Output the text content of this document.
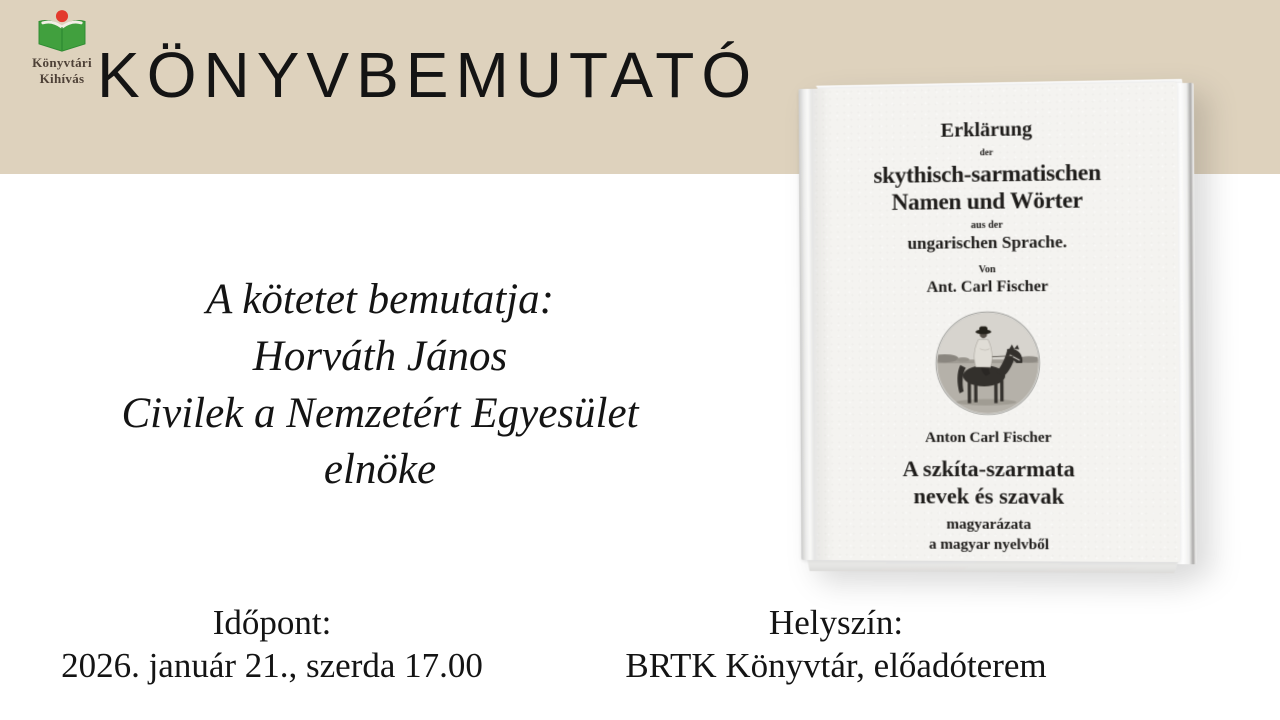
Könyvtári
Kihívás KÖNYVBEMUTATÓ
A kötetet bemutatja:
Horváth János
Civilek a Nemzetért Egyesület
elnöke
Erklärung
der
skythisch-sarmatischen
Namen und Wörter
aus der
ungarischen Sprache.
Von
Ant. Carl Fischer
Anton Carl Fischer
A szkíta-szarmata
nevek és szavak
magyarázata
a magyar nyelvből
Időpont:
2026. január 21., szerda 17.00
Helyszín:
BRTK Könyvtár, előadóterem
